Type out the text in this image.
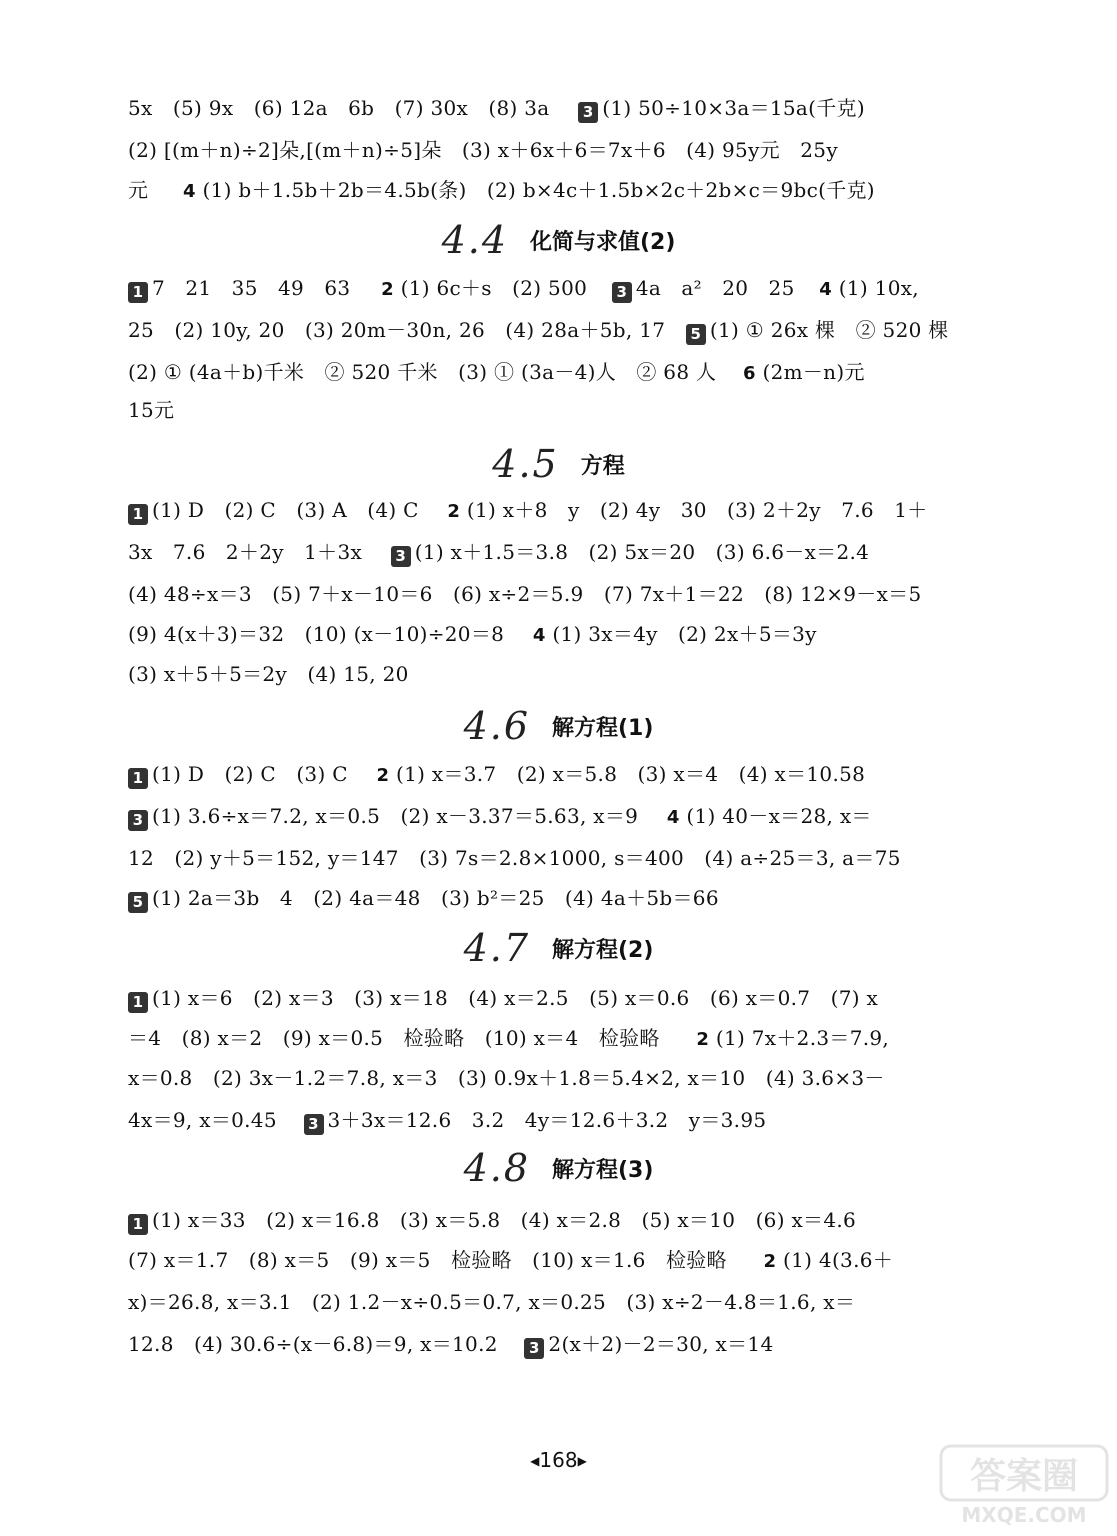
5x　(5) 9x　(6) 12a　6b　(7) 30x　(8) 3a 3 (1) 50÷10×3a＝15a(千克)
(2) [(m＋n)÷2]朵,[(m＋n)÷5]朵　(3) x＋6x＋6＝7x＋6　(4) 95y元　25y
元 4 (1) b＋1.5b＋2b＝4.5b(条)　(2) b×4c＋1.5b×2c＋2b×c＝9bc(千克)
4.4 化简与求值(2)
1 7　21　35　49　63 2 (1) 6c＋s　(2) 500 3 4a　a²　20　25 4 (1) 10x,
25　(2) 10y, 20　(3) 20m－30n, 26　(4) 28a＋5b, 17 5 (1) ① 26x 棵　② 520 棵
(2) ① (4a＋b)千米　② 520 千米　(3) ① (3a－4)人　② 68 人 6 (2m－n)元
15元
4.5 方程
1 (1) D　(2) C　(3) A　(4) C 2 (1) x＋8　y　(2) 4y　30　(3) 2＋2y　7.6　1＋
3x　7.6　2＋2y　1＋3x 3 (1) x＋1.5＝3.8　(2) 5x＝20　(3) 6.6－x＝2.4
(4) 48÷x＝3　(5) 7＋x－10＝6　(6) x÷2＝5.9　(7) 7x＋1＝22　(8) 12×9－x＝5
(9) 4(x＋3)＝32　(10) (x－10)÷20＝8 4 (1) 3x＝4y　(2) 2x＋5＝3y
(3) x＋5＋5＝2y　(4) 15, 20
4.6 解方程(1)
1 (1) D　(2) C　(3) C 2 (1) x＝3.7　(2) x＝5.8　(3) x＝4　(4) x＝10.58
3 (1) 3.6÷x＝7.2, x＝0.5　(2) x－3.37＝5.63, x＝9 4 (1) 40－x＝28, x＝
12　(2) y＋5＝152, y＝147　(3) 7s＝2.8×1000, s＝400　(4) a÷25＝3, a＝75
5 (1) 2a＝3b　4　(2) 4a＝48　(3) b²＝25　(4) 4a＋5b＝66
4.7 解方程(2)
1 (1) x＝6　(2) x＝3　(3) x＝18　(4) x＝2.5　(5) x＝0.6　(6) x＝0.7　(7) x
＝4　(8) x＝2　(9) x＝0.5　检验略　(10) x＝4　检验略 2 (1) 7x＋2.3＝7.9,
x＝0.8　(2) 3x－1.2＝7.8, x＝3　(3) 0.9x＋1.8＝5.4×2, x＝10　(4) 3.6×3－
4x＝9, x＝0.45 3 3＋3x＝12.6　3.2　4y＝12.6＋3.2　y＝3.95
4.8 解方程(3)
1 (1) x＝33　(2) x＝16.8　(3) x＝5.8　(4) x＝2.8　(5) x＝10　(6) x＝4.6
(7) x＝1.7　(8) x＝5　(9) x＝5　检验略　(10) x＝1.6　检验略 2 (1) 4(3.6＋
x)＝26.8, x＝3.1　(2) 1.2－x÷0.5＝0.7, x＝0.25　(3) x÷2－4.8＝1.6, x＝
12.8　(4) 30.6÷(x－6.8)＝9, x＝10.2 3 2(x＋2)－2＝30, x＝14
◀168▶	答案圈
MXQE.COM
